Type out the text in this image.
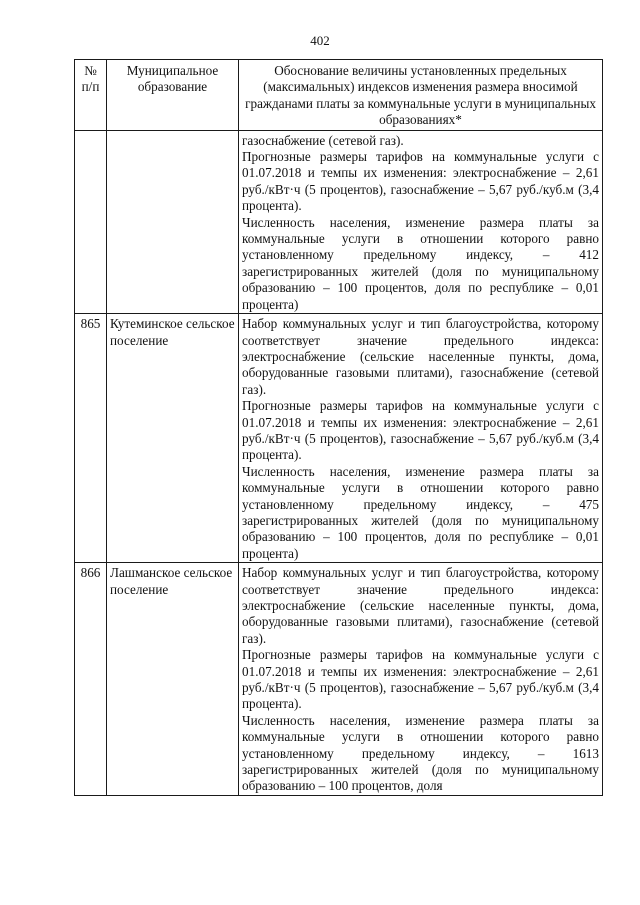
402
№ п/п	Муниципальное образование	Обоснование величины установленных предельных (максимальных) индексов изменения размера вносимой гражданами платы за коммунальные услуги в муниципальных образованиях*

		газоснабжение (сетевой газ).

Прогнозные размеры тарифов на коммунальные услуги с 01.07.2018 и темпы их изменения: электроснабжение – 2,61 руб./кВт·ч (5 процентов), газоснабжение – 5,67 руб./куб.м (3,4 процента).

Численность населения, изменение размера платы за коммунальные услуги в отношении которого равно установленному предельному индексу, – 412 зарегистрированных жителей (доля по муниципальному образованию – 100 процентов, доля по республике – 0,01 процента)

865	Кутеминское сельское поселение	Набор коммунальных услуг и тип благоустройства, которому соответствует значение предельного индекса: электроснабжение (сельские населенные пункты, дома, оборудованные газовыми плитами), газоснабжение (сетевой газ).

Прогнозные размеры тарифов на коммунальные услуги с 01.07.2018 и темпы их изменения: электроснабжение – 2,61 руб./кВт·ч (5 процентов), газоснабжение – 5,67 руб./куб.м (3,4 процента).

Численность населения, изменение размера платы за коммунальные услуги в отношении которого равно установленному предельному индексу, – 475 зарегистрированных жителей (доля по муниципальному образованию – 100 процентов, доля по республике – 0,01 процента)

866	Лашманское сельское поселение	Набор коммунальных услуг и тип благоустройства, которому соответствует значение предельного индекса: электроснабжение (сельские населенные пункты, дома, оборудованные газовыми плитами), газоснабжение (сетевой газ).

Прогнозные размеры тарифов на коммунальные услуги с 01.07.2018 и темпы их изменения: электроснабжение – 2,61 руб./кВт·ч (5 процентов), газоснабжение – 5,67 руб./куб.м (3,4 процента).

Численность населения, изменение размера платы за коммунальные услуги в отношении которого равно установленному предельному индексу, – 1613 зарегистрированных жителей (доля по муниципальному образованию – 100 процентов, доля
